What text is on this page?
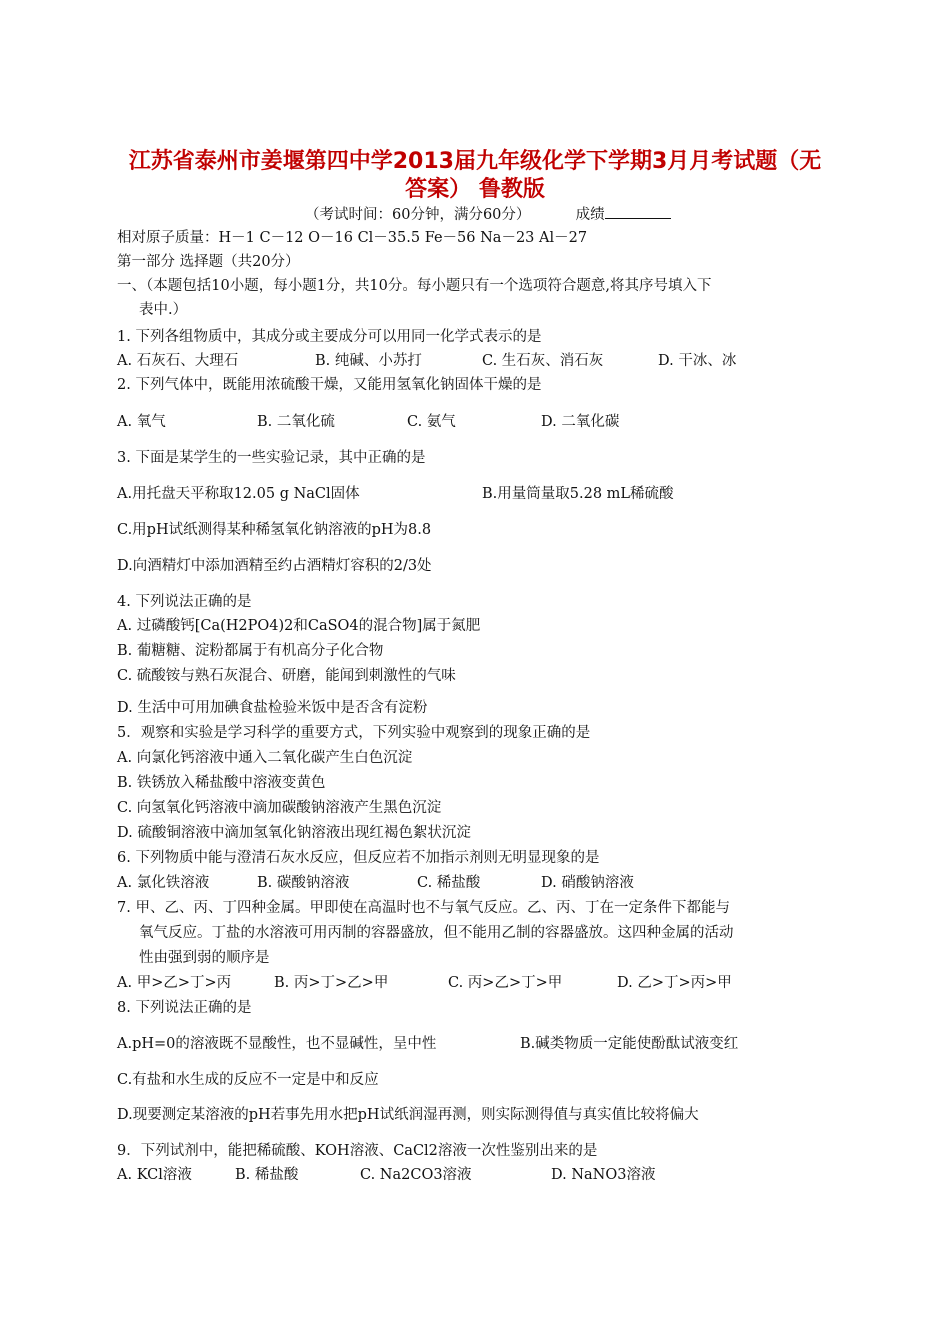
江苏省泰州市姜堰第四中学2013届九年级化学下学期3月月考试题（无
答案） 鲁教版
（考试时间：60分钟，满分60分）	成绩
相对原子质量：H－1 C－12 O－16 Cl－35.5 Fe－56 Na－23 Al－27
第一部分 选择题（共20分）
一、（本题包括10小题，每小题1分，共10分。每小题只有一个选项符合题意,将其序号填入下
表中.）
1. 下列各组物质中，其成分或主要成分可以用同一化学式表示的是
A. 石灰石、大理石	B. 纯碱、小苏打	C. 生石灰、消石灰	D. 干冰、冰
2. 下列气体中，既能用浓硫酸干燥，又能用氢氧化钠固体干燥的是
A. 氧气	B. 二氧化硫	C. 氨气	D. 二氧化碳
3. 下面是某学生的一些实验记录，其中正确的是
A.用托盘天平称取12.05 g NaCl固体	B.用量筒量取5.28 mL稀硫酸
C.用pH试纸测得某种稀氢氧化钠溶液的pH为8.8
D.向酒精灯中添加酒精至约占酒精灯容积的2/3处
4. 下列说法正确的是
A. 过磷酸钙[Ca(H2PO4)2和CaSO4的混合物]属于氮肥
B. 葡糖糖、淀粉都属于有机高分子化合物
C. 硫酸铵与熟石灰混合、研磨，能闻到刺激性的气味
D. 生活中可用加碘食盐检验米饭中是否含有淀粉
5．观察和实验是学习科学的重要方式，下列实验中观察到的现象正确的是
A. 向氯化钙溶液中通入二氧化碳产生白色沉淀
B. 铁锈放入稀盐酸中溶液变黄色
C. 向氢氧化钙溶液中滴加碳酸钠溶液产生黑色沉淀
D. 硫酸铜溶液中滴加氢氧化钠溶液出现红褐色絮状沉淀
6. 下列物质中能与澄清石灰水反应，但反应若不加指示剂则无明显现象的是
A. 氯化铁溶液	B. 碳酸钠溶液	C. 稀盐酸	D. 硝酸钠溶液
7. 甲、乙、丙、丁四种金属。甲即使在高温时也不与氧气反应。乙、丙、丁在一定条件下都能与
氧气反应。丁盐的水溶液可用丙制的容器盛放，但不能用乙制的容器盛放。这四种金属的活动
性由强到弱的顺序是
A. 甲>乙>丁>丙	B. 丙>丁>乙>甲	C. 丙>乙>丁>甲	D. 乙>丁>丙>甲
8. 下列说法正确的是
A.pH=0的溶液既不显酸性，也不显碱性，呈中性	B.碱类物质一定能使酚酞试液变红
C.有盐和水生成的反应不一定是中和反应
D.现要测定某溶液的pH若事先用水把pH试纸润湿再测，则实际测得值与真实值比较将偏大
9．下列试剂中，能把稀硫酸、KOH溶液、CaCl2溶液一次性鉴别出来的是
A. KCl溶液	B. 稀盐酸	C. Na2CO3溶液	D. NaNO3溶液
